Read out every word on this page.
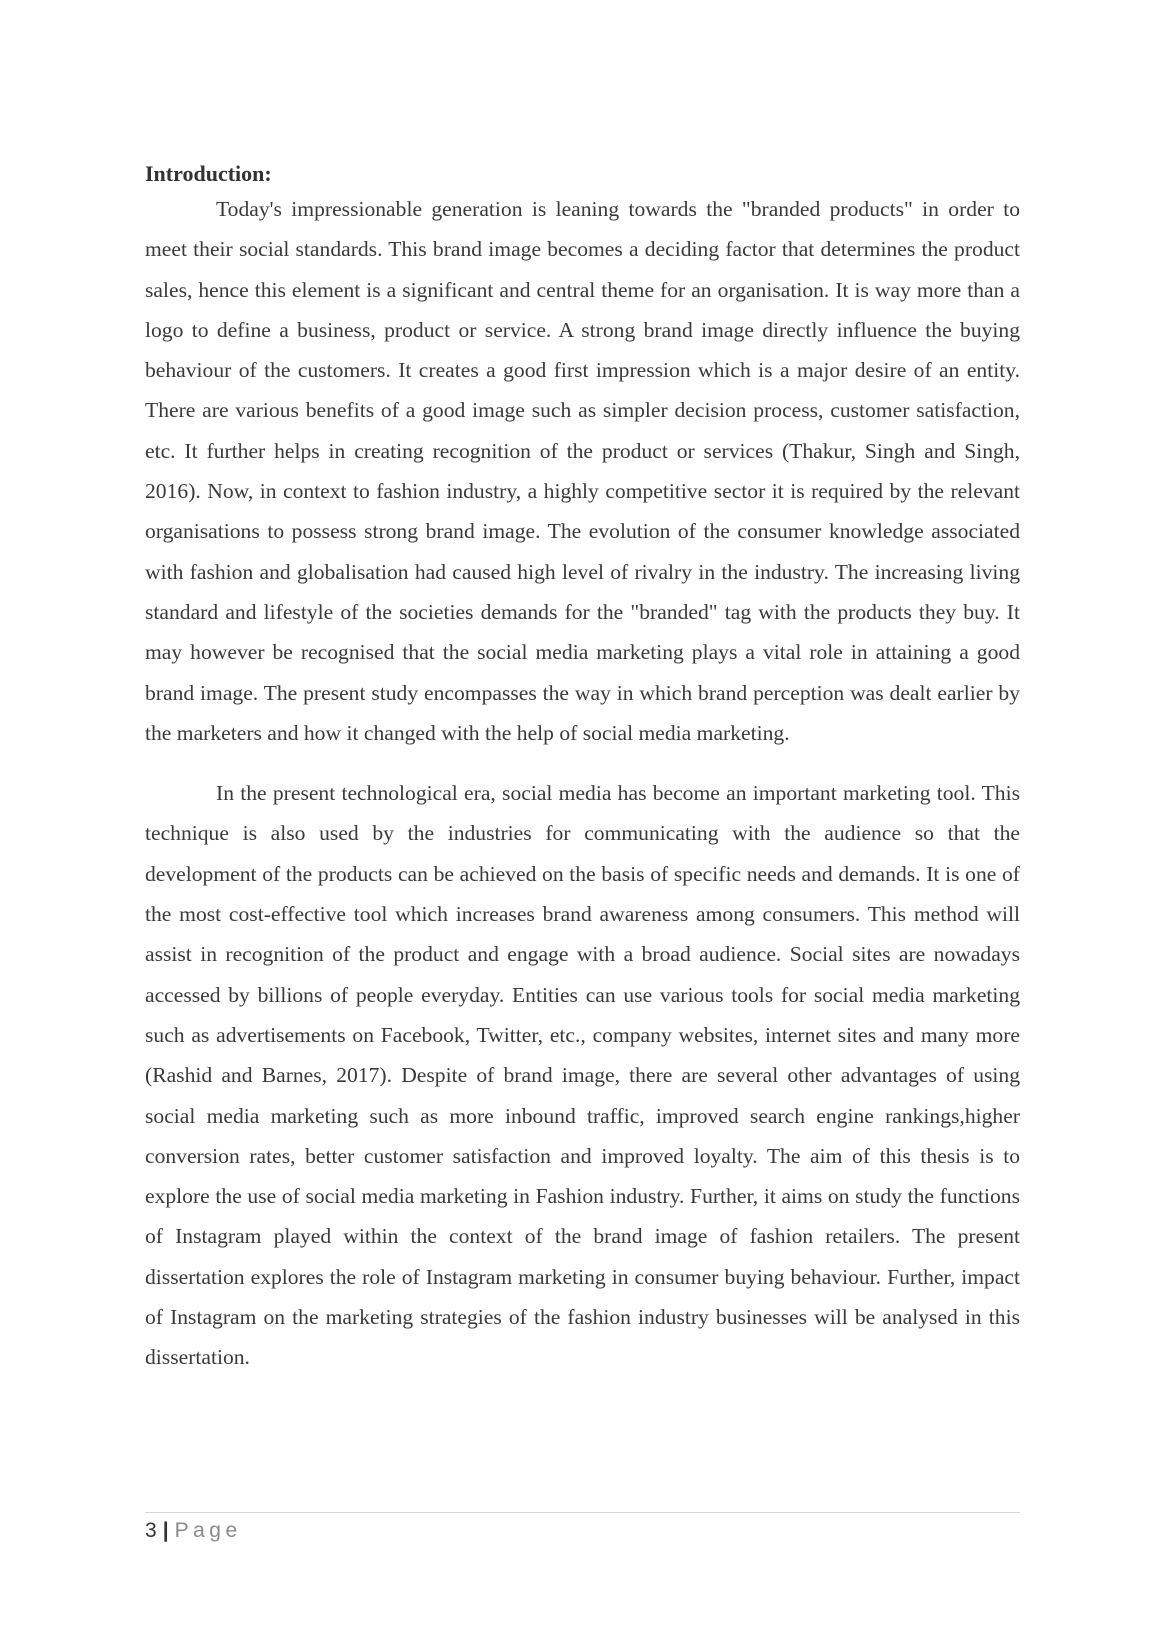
Introduction:

Today's impressionable generation is leaning towards the "branded products" in order to meet their social standards. This brand image becomes a deciding factor that determines the product sales, hence this element is a significant and central theme for an organisation. It is way more than a logo to define a business, product or service. A strong brand image directly influence the buying behaviour of the customers. It creates a good first impression which is a major desire of an entity. There are various benefits of a good image such as simpler decision process, customer satisfaction, etc. It further helps in creating recognition of the product or services (Thakur, Singh and Singh, 2016). Now, in context to fashion industry, a highly competitive sector it is required by the relevant organisations to possess strong brand image. The evolution of the consumer knowledge associated with fashion and globalisation had caused high level of rivalry in the industry. The increasing living standard and lifestyle of the societies demands for the "branded" tag with the products they buy. It may however be recognised that the social media marketing plays a vital role in attaining a good brand image. The present study encompasses the way in which brand perception was dealt earlier by the marketers and how it changed with the help of social media marketing.

In the present technological era, social media has become an important marketing tool. This technique is also used by the industries for communicating with the audience so that the development of the products can be achieved on the basis of specific needs and demands. It is one of the most cost-effective tool which increases brand awareness among consumers. This method will assist in recognition of the product and engage with a broad audience. Social sites are nowadays accessed by billions of people everyday. Entities can use various tools for social media marketing such as advertisements on Facebook, Twitter, etc., company websites, internet sites and many more (Rashid and Barnes, 2017). Despite of brand image, there are several other advantages of using social media marketing such as more inbound traffic, improved search engine rankings,higher conversion rates, better customer satisfaction and improved loyalty. The aim of this thesis is to explore the use of social media marketing in Fashion industry. Further, it aims on study the functions of Instagram played within the context of the brand image of fashion retailers. The present dissertation explores the role of Instagram marketing in consumer buying behaviour. Further, impact of Instagram on the marketing strategies of the fashion industry businesses will be analysed in this dissertation.

3 | Page
